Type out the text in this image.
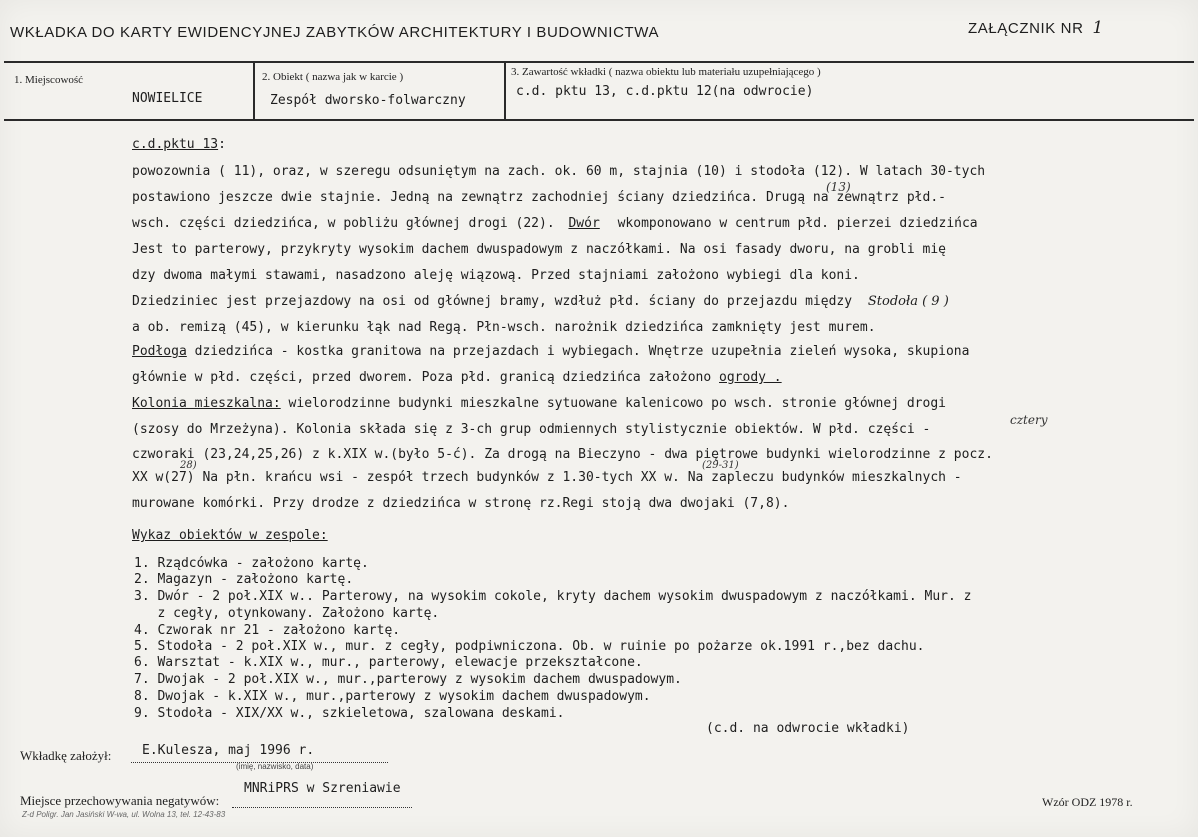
WKŁADKA DO KARTY EWIDENCYJNEJ ZABYTKÓW ARCHITEKTURY I BUDOWNICTWA	ZAŁĄCZNIK NR 1
1. Miejscowość
NOWIELICE
2. Obiekt ( nazwa jak w karcie )
Zespół dworsko-folwarczny
3. Zawartość wkładki ( nazwa obiektu lub materiału uzupełniającego )
c.d. pktu 13, c.d.pktu 12(na odwrocie)
c.d.pktu 13:
powozownia ( 11), oraz, w szeregu odsuniętym na zach. ok. 60 m, stajnia (10) i stodoła (12). W latach 30-tych
postawiono jeszcze dwie stajnie. Jedną na zewnątrz zachodniej ściany dziedzińca. Drugą na zewnątrz płd.-
(13)
wsch. części dziedzińca, w pobliżu głównej drogi (22). Dwór wkomponowano w centrum płd. pierzei dziedzińca
Jest to parterowy, przykryty wysokim dachem dwuspadowym z naczółkami. Na osi fasady dworu, na grobli mię
dzy dwoma małymi stawami, nasadzono aleję wiązową. Przed stajniami założono wybiegi dla koni.
Dziedziniec jest przejazdowy na osi od głównej bramy, wzdłuż płd. ściany do przejazdu między Stodoła ( 9 )
a ob. remizą (45), w kierunku łąk nad Regą. Płn-wsch. narożnik dziedzińca zamknięty jest murem.
Podłoga dziedzińca - kostka granitowa na przejazdach i wybiegach. Wnętrze uzupełnia zieleń wysoka, skupiona
głównie w płd. części, przed dworem. Poza płd. granicą dziedzińca założono ogrody .
Kolonia mieszkalna: wielorodzinne budynki mieszkalne sytuowane kalenicowo po wsch. stronie głównej drogi
(szosy do Mrzeżyna). Kolonia składa się z 3-ch grup odmiennych stylistycznie obiektów. W płd. części -
cztery
czworaki (23,24,25,26) z k.XIX w.(było 5-ć). Za drogą na Bieczyno - dwa piętrowe budynki wielorodzinne z pocz.
28)	(29-31)
XX w(27) Na płn. krańcu wsi - zespół trzech budynków z 1.30-tych XX w. Na zapleczu budynków mieszkalnych -
murowane komórki. Przy drodze z dziedzińca w stronę rz.Regi stoją dwa dwojaki (7,8).
Wykaz obiektów w zespole:
1. Rządcówka - założono kartę.
2. Magazyn - założono kartę.
3. Dwór - 2 poł.XIX w.. Parterowy, na wysokim cokole, kryty dachem wysokim dwuspadowym z naczółkami. Mur. z
z cegły, otynkowany. Założono kartę.
4. Czworak nr 21 - założono kartę.
5. Stodoła - 2 poł.XIX w., mur. z cegły, podpiwniczona. Ob. w ruinie po pożarze ok.1991 r.,bez dachu.
6. Warsztat - k.XIX w., mur., parterowy, elewacje przekształcone.
7. Dwojak - 2 poł.XIX w., mur.,parterowy z wysokim dachem dwuspadowym.
8. Dwojak - k.XIX w., mur.,parterowy z wysokim dachem dwuspadowym.
9. Stodoła - XIX/XX w., szkieletowa, szalowana deskami.
(c.d. na odwrocie wkładki)
Wkładkę założył: E.Kulesza, maj 1996 r.
(imię, nazwisko, data)
Miejsce przechowywania negatywów:
MNRiPRS w Szreniawie
Wzór ODZ 1978 r.
Z-d Poligr. Jan Jasiński W-wa, ul. Wolna 13, tel. 12-43-83
